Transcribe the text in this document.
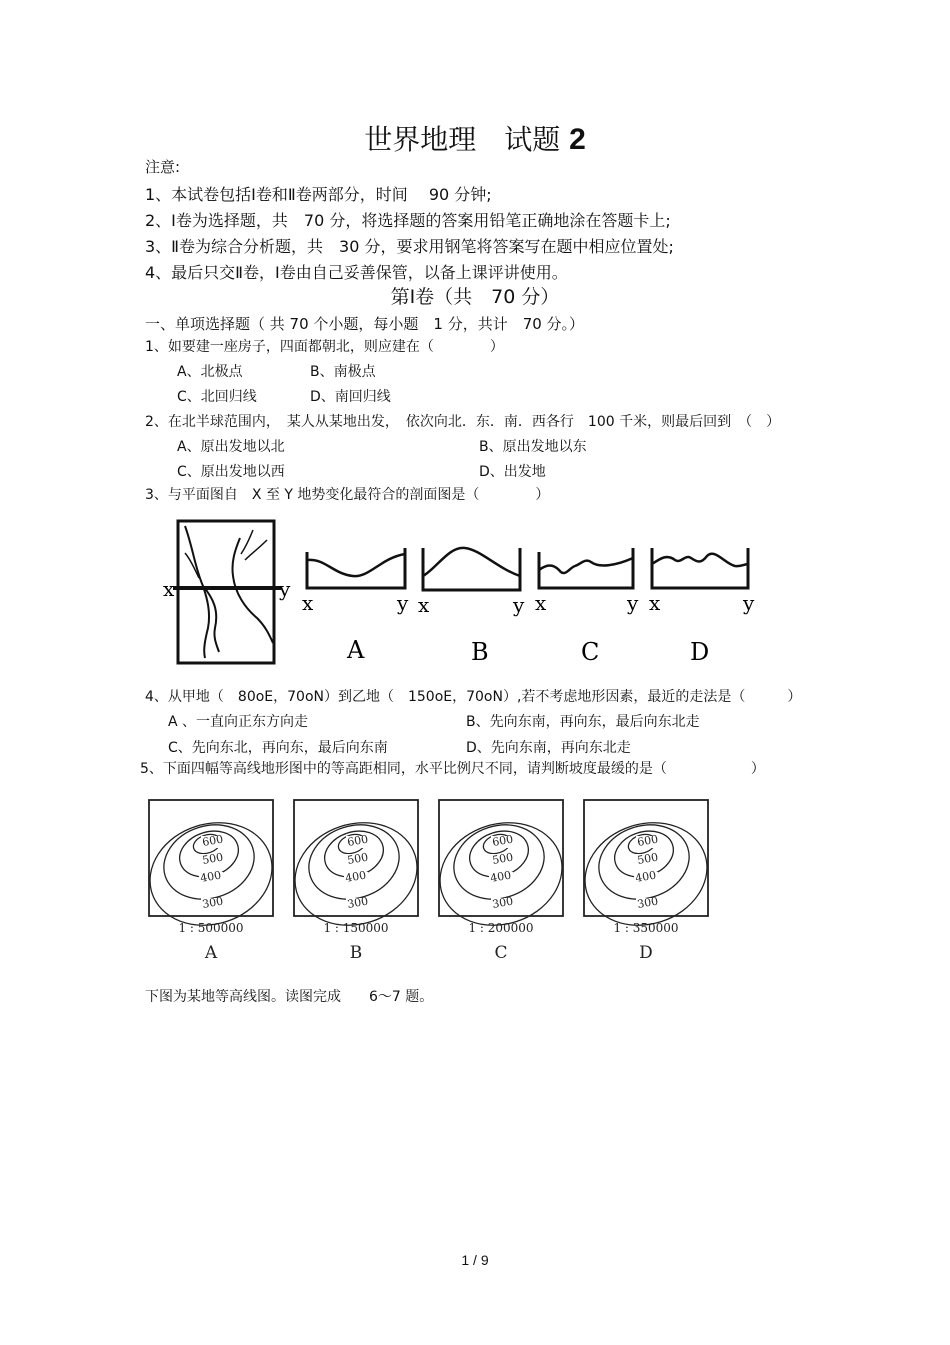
世界地理　试题 2
注意:
1、本试卷包括Ⅰ卷和Ⅱ卷两部分，时间　 90 分钟;
2、Ⅰ卷为选择题，共　70 分，将选择题的答案用铅笔正确地涂在答题卡上;
3、Ⅱ卷为综合分析题，共　30 分，要求用钢笔将答案写在题中相应位置处;
4、最后只交Ⅱ卷，Ⅰ卷由自己妥善保管，以备上课评讲使用。
第Ⅰ卷（共　70 分）
一、单项选择题（ 共 70 个小题，每小题　1 分，共计　70 分。）
1、如要建一座房子，四面都朝北，则应建在（　　　　）
A、北极点	B、南极点
C、北回归线	D、南回归线
2、在北半球范围内，　某人从某地出发，　依次向北．东．南．西各行　100 千米，则最后回到　（　）
A、原出发地以北	B、原出发地以东
C、原出发地以西	D、出发地
3、与平面图自　X 至 Y 地势变化最符合的剖面图是（　　　　）
x	y
x	y
A
x	y
B
x	y
C
x	y
D
4、从甲地（　80oE，70oN）到乙地（　150oE，70oN）,若不考虑地形因素，最近的走法是（　　　）
A 、一直向正东方向走	B、先向东南，再向东，最后向东北走
C、先向东北，再向东，最后向东南	D、先向东南，再向东北走
5、下面四幅等高线地形图中的等高距相同，水平比例尺不同，请判断坡度最缓的是（　　　　　　）
600
500
400
300
1 : 500000
A
600
500
400
300
1 : 150000
B
600
500
400
300
1 : 200000
C
600
500
400
300
1 : 350000
D
下图为某地等高线图。读图完成　　6～7 题。
1 / 9
